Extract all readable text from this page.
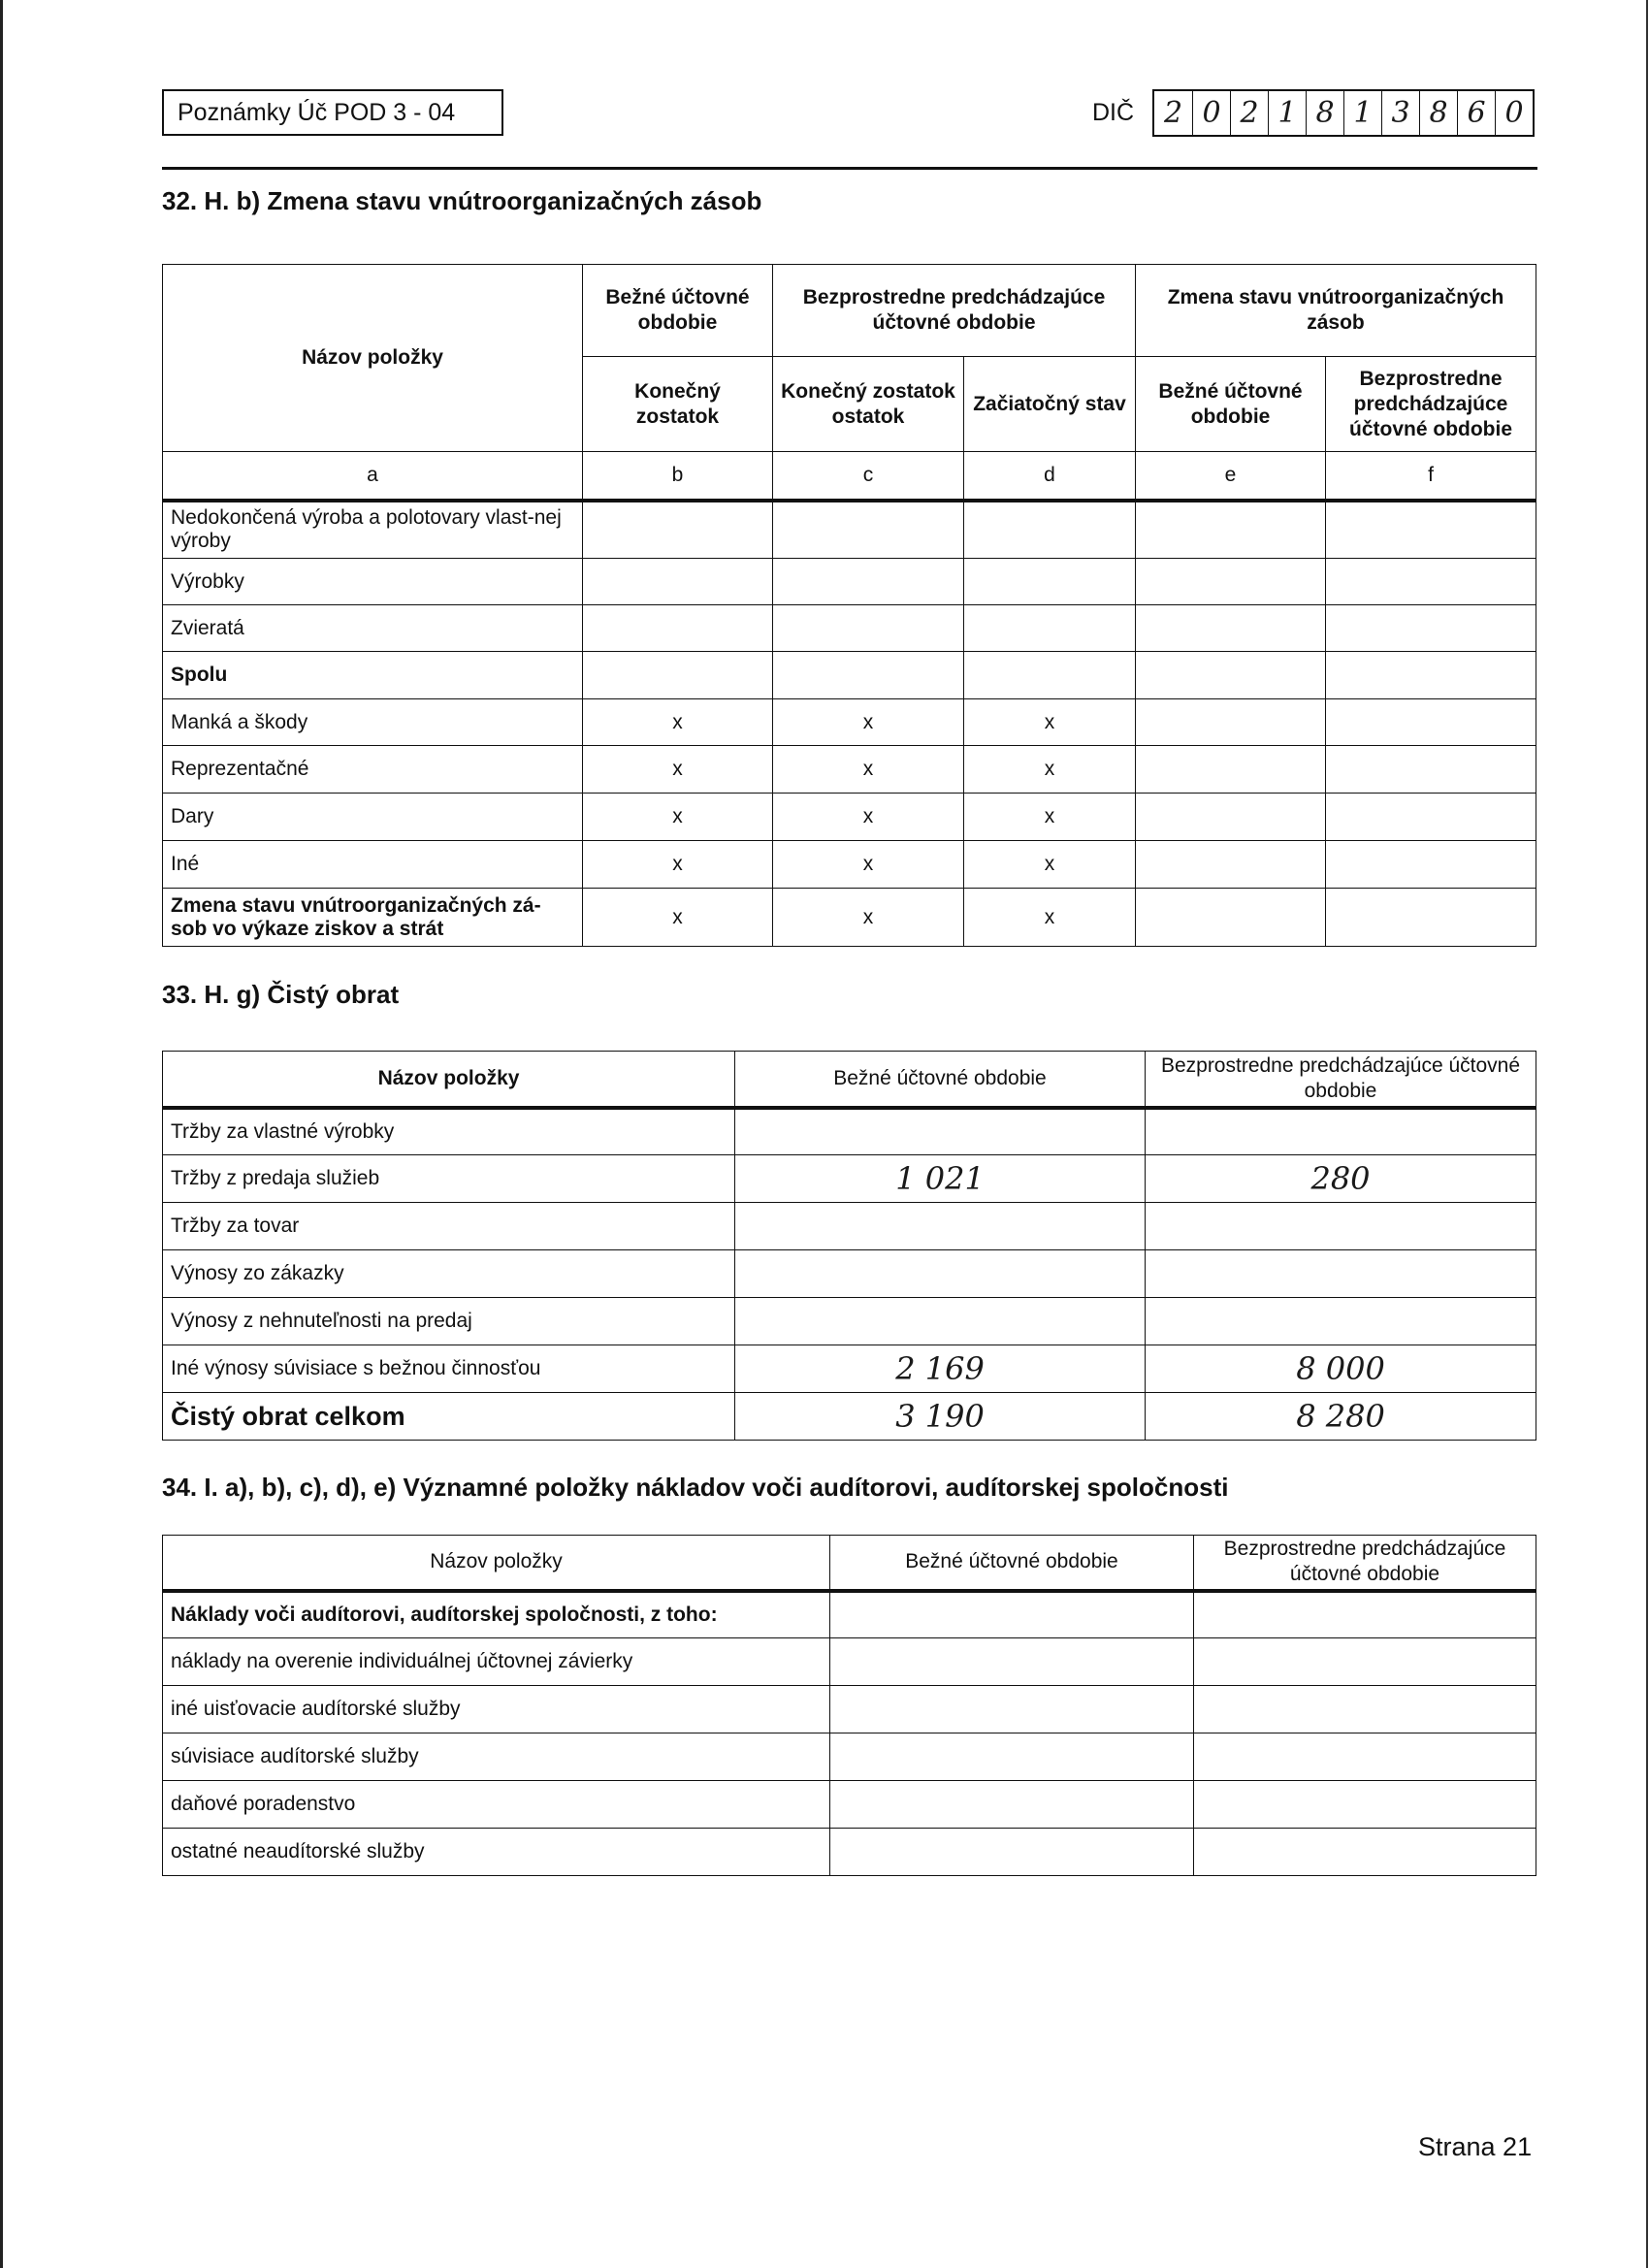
Poznámky Úč POD 3 - 04	DIČ	2 0 2 1 8 1 3 8 6 0
32. H. b) Zmena stavu vnútroorganizačných zásob
Názov položky	Bežné účtovné obdobie	Bezprostredne predchádzajúce účtovné obdobie		Zmena stavu vnútroorganizačných zásob	
	Konečný zostatok	Konečný zostatok ostatok	Začiatočný stav	Bežné účtovné obdobie	Bezprostredne predchádzajúce účtovné obdobie
a	b	c	d	e	f
Nedokončená výroba a polotovary vlast-nej výroby					
Výrobky					
Zvieratá					
Spolu					
Manká a škody	x	x	x		
Reprezentačné	x	x	x		
Dary	x	x	x		
Iné	x	x	x		
Zmena stavu vnútroorganizačných zá-sob vo výkaze ziskov a strát	x	x	x		
33. H. g) Čistý obrat
Názov položky	Bežné účtovné obdobie	Bezprostredne predchádzajúce účtovné obdobie
Tržby za vlastné výrobky		
Tržby z predaja služieb	1 021	280
Tržby za tovar		
Výnosy zo zákazky		
Výnosy z nehnuteľnosti na predaj		
Iné výnosy súvisiace s bežnou činnosťou	2 169	8 000
Čistý obrat celkom	3 190	8 280
34. I. a), b), c), d), e) Významné položky nákladov voči audítorovi, audítorskej spoločnosti
Názov položky	Bežné účtovné obdobie	Bezprostredne predchádzajúce účtovné obdobie
Náklady voči audítorovi, audítorskej spoločnosti, z toho:		
náklady na overenie individuálnej účtovnej závierky		
iné uisťovacie audítorské služby		
súvisiace audítorské služby		
daňové poradenstvo		
ostatné neaudítorské služby		
Strana 21
